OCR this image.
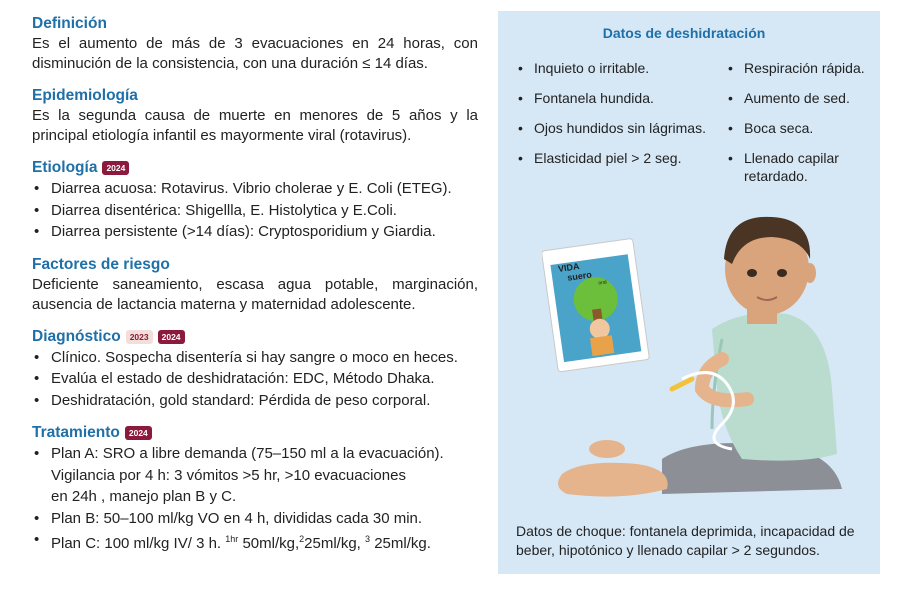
Definición

Es el aumento de más de 3 evacuaciones en 24 horas, con disminución de la consistencia, con una duración ≤ 14 días.

Epidemiología

Es la segunda causa de muerte en menores de 5 años y la principal etiología infantil es mayormente viral (rotavirus).

Etiología	2024
• Diarrea acuosa: Rotavirus. Vibrio cholerae y E. Coli (ETEG).
• Diarrea disentérica: Shigellla, E. Histolytica y E.Coli.
• Diarrea persistente (>14 días): Cryptosporidium y Giardia.
Factores de riesgo

Deficiente saneamiento, escasa agua potable, marginación, ausencia de lactancia materna y maternidad adolescente.

Diagnóstico	2023	2024
• Clínico. Sospecha disentería si hay sangre o moco en heces.
• Evalúa el estado de deshidratación: EDC, Método Dhaka.
• Deshidratación, gold standard: Pérdida de peso corporal.
Tratamiento	2024
• Plan A: SRO a libre demanda (75–150 ml a la evacuación).
Vigilancia por 4 h: 3 vómitos >5 hr, >10 evacuaciones
en 24h , manejo plan B y C.
• Plan B: 50–100 ml/kg VO en 4 h, divididas cada 30 min.
• Plan C: 100 ml/kg IV/ 3 h. $^{1hr}$ 50ml/kg,$^2$25ml/kg, $^3$ 25ml/kg.
Datos de deshidratación
• Inquieto o irritable.
• Fontanela hundida.
• Ojos hundidos sin lágrimas.
• Elasticidad piel > 2 seg.
• Respiración rápida.
• Aumento de sed.
• Boca seca.
• Llenado capilar retardado.
VIDA
suero
oral

Datos de choque: fontanela deprimida, incapacidad de beber, hipotónico y llenado capilar > 2 segundos.
